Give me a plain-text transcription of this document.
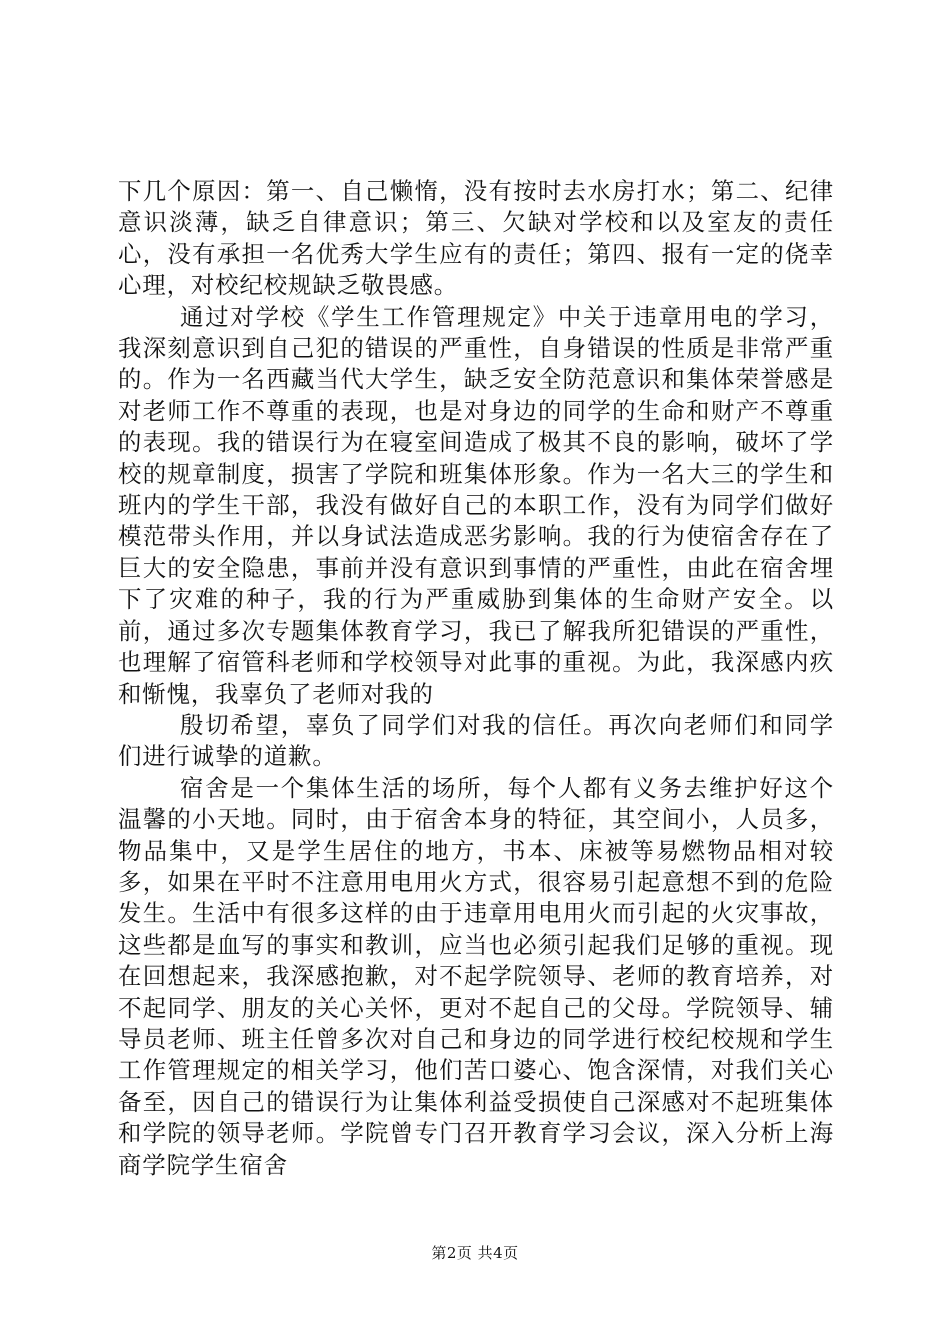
下几个原因：第一、自己懒惰，没有按时去水房打水；第二、纪律意识淡薄，缺乏自律意识；第三、欠缺对学校和以及室友的责任心，没有承担一名优秀大学生应有的责任；第四、报有一定的侥幸心理，对校纪校规缺乏敬畏感。

通过对学校《学生工作管理规定》中关于违章用电的学习，我深刻意识到自己犯的错误的严重性，自身错误的性质是非常严重的。作为一名西藏当代大学生，缺乏安全防范意识和集体荣誉感是对老师工作不尊重的表现，也是对身边的同学的生命和财产不尊重的表现。我的错误行为在寝室间造成了极其不良的影响，破坏了学校的规章制度，损害了学院和班集体形象。作为一名大三的学生和班内的学生干部，我没有做好自己的本职工作，没有为同学们做好模范带头作用，并以身试法造成恶劣影响。我的行为使宿舍存在了巨大的安全隐患，事前并没有意识到事情的严重性，由此在宿舍埋下了灾难的种子，我的行为严重威胁到集体的生命财产安全。以前，通过多次专题集体教育学习，我已了解我所犯错误的严重性，也理解了宿管科老师和学校领导对此事的重视。为此，我深感内疚和惭愧，我辜负了老师对我的

殷切希望，辜负了同学们对我的信任。再次向老师们和同学们进行诚挚的道歉。

宿舍是一个集体生活的场所，每个人都有义务去维护好这个温馨的小天地。同时，由于宿舍本身的特征，其空间小，人员多，物品集中，又是学生居住的地方，书本、床被等易燃物品相对较多，如果在平时不注意用电用火方式，很容易引起意想不到的危险发生。生活中有很多这样的由于违章用电用火而引起的火灾事故，这些都是血写的事实和教训，应当也必须引起我们足够的重视。现在回想起来，我深感抱歉，对不起学院领导、老师的教育培养，对不起同学、朋友的关心关怀，更对不起自己的父母。学院领导、辅导员老师、班主任曾多次对自己和身边的同学进行校纪校规和学生工作管理规定的相关学习，他们苦口婆心、饱含深情，对我们关心备至，因自己的错误行为让集体利益受损使自己深感对不起班集体和学院的领导老师。学院曾专门召开教育学习会议，深入分析上海商学院学生宿舍

第2页 共4页
